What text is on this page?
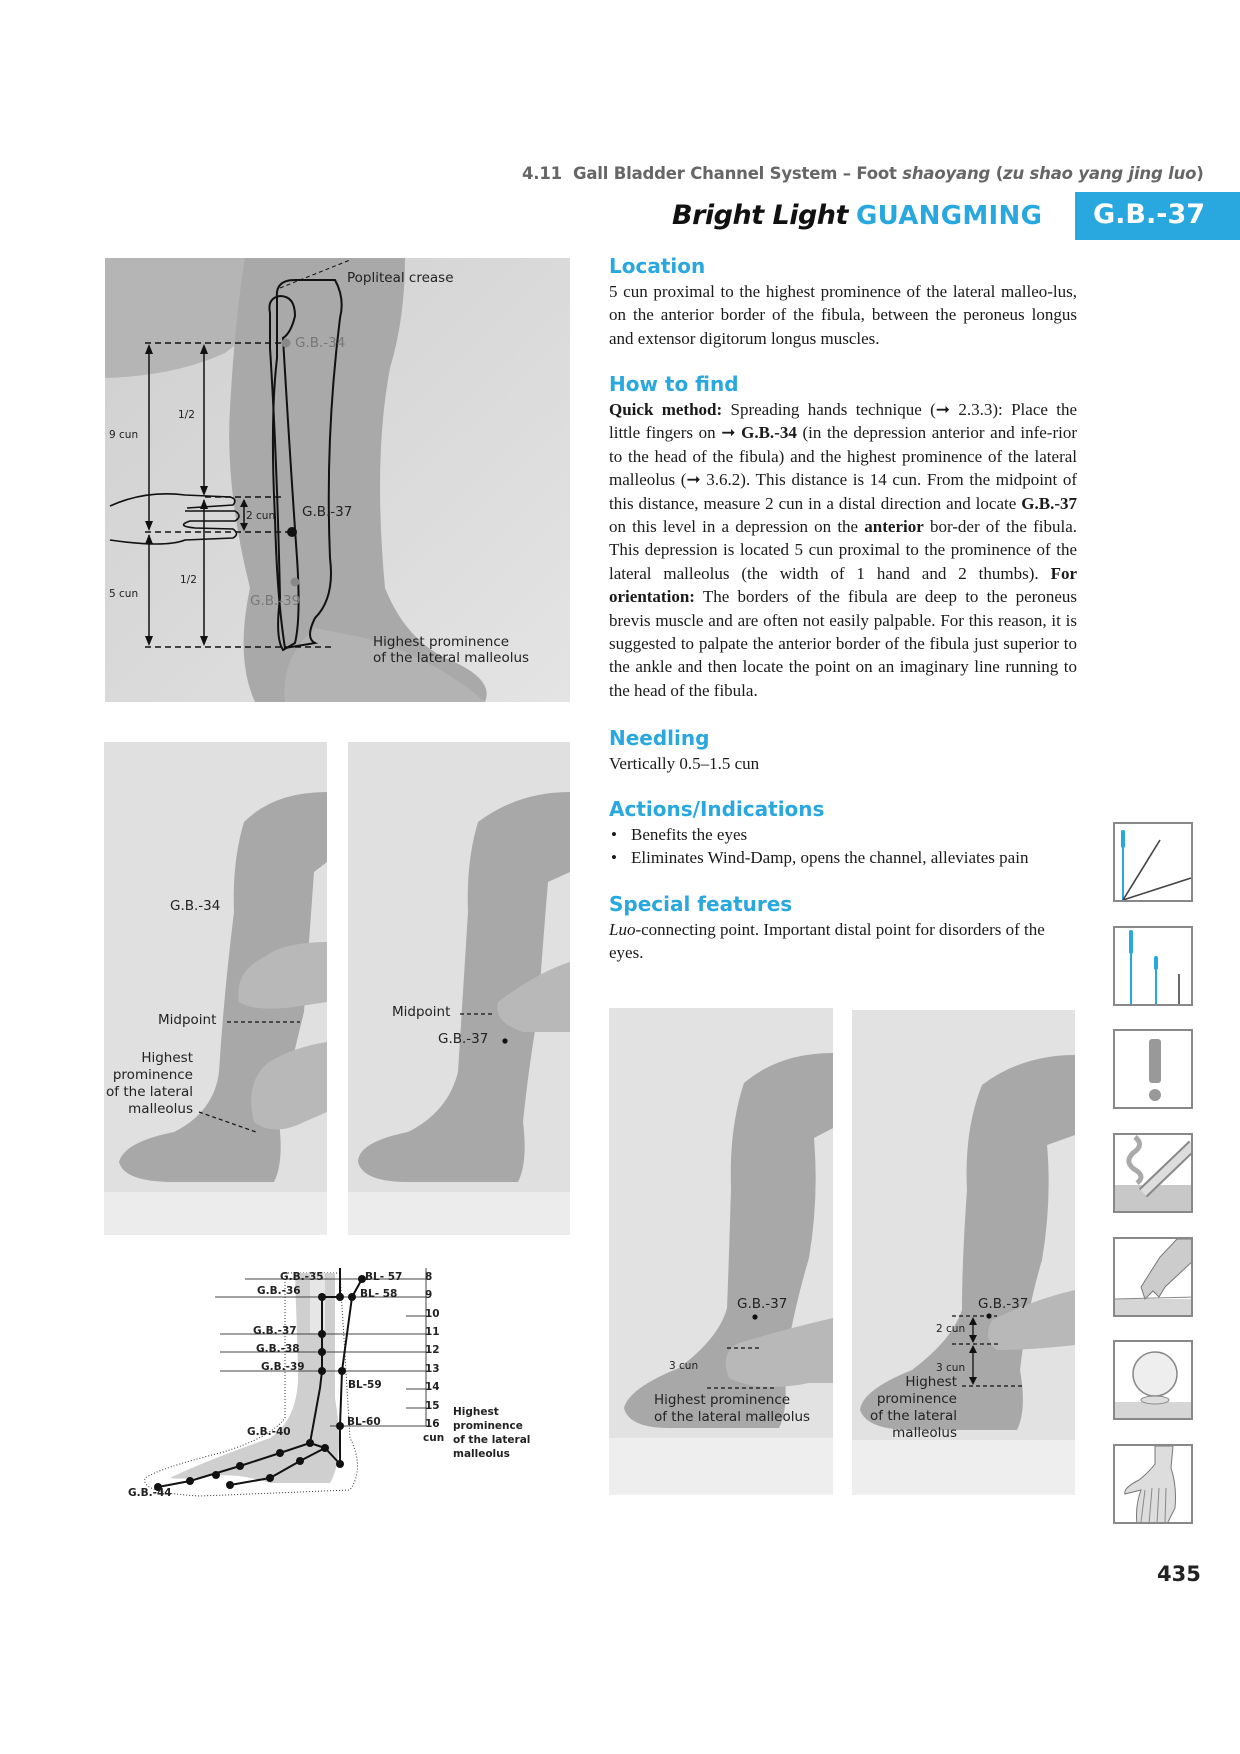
4.11 Gall Bladder Channel System – Foot shaoyang (zu shao yang jing luo)
Bright Light GUANGMING G.B.-37
Location
5 cun proximal to the highest prominence of the lateral malleo-lus, on the anterior border of the fibula, between the peroneus longus and extensor digitorum longus muscles.
How to find
Quick method: Spreading hands technique (➞ 2.3.3): Place the little fingers on ➞ G.B.-34 (in the depression anterior and infe-rior to the head of the fibula) and the highest prominence of the lateral malleolus (➞ 3.6.2). This distance is 14 cun. From the midpoint of this distance, measure 2 cun in a distal direction and locate G.B.-37 on this level in a depression on the anterior bor-der of the fibula. This depression is located 5 cun proximal to the prominence of the lateral malleolus (the width of 1 hand and 2 thumbs). For orientation: The borders of the fibula are deep to the peroneus brevis muscle and are often not easily palpable. For this reason, it is suggested to palpate the anterior border of the fibula just superior to the ankle and then locate the point on an imaginary line running to the head of the fibula.
Needling
Vertically 0.5–1.5 cun
Actions/Indications
• Benefits the eyes
• Eliminates Wind-Damp, opens the channel, alleviates pain
Special features
Luo-connecting point. Important distal point for disorders of the eyes.
Popliteal crease
G.B.-34
G.B.-37
G.B.-39
9 cun
5 cun
1/2
1/2
2 cun
Highest prominence
of the lateral malleolus
G.B.-34
Midpoint
Highest
prominence
of the lateral
malleolus
Midpoint
G.B.-37
G.B.-35
G.B.-36
G.B.-37
G.B.-38
G.B.-39
G.B.-40
G.B.-44
BL- 57
BL- 58
BL-59
BL-60
8
9
10
11
12
13
14
15
16
cun
Highest
prominence
of the lateral
malleolus
G.B.-37
3 cun
Highest prominence
of the lateral malleolus
G.B.-37
2 cun
3 cun
Highest
prominence
of the lateral
malleolus
435
